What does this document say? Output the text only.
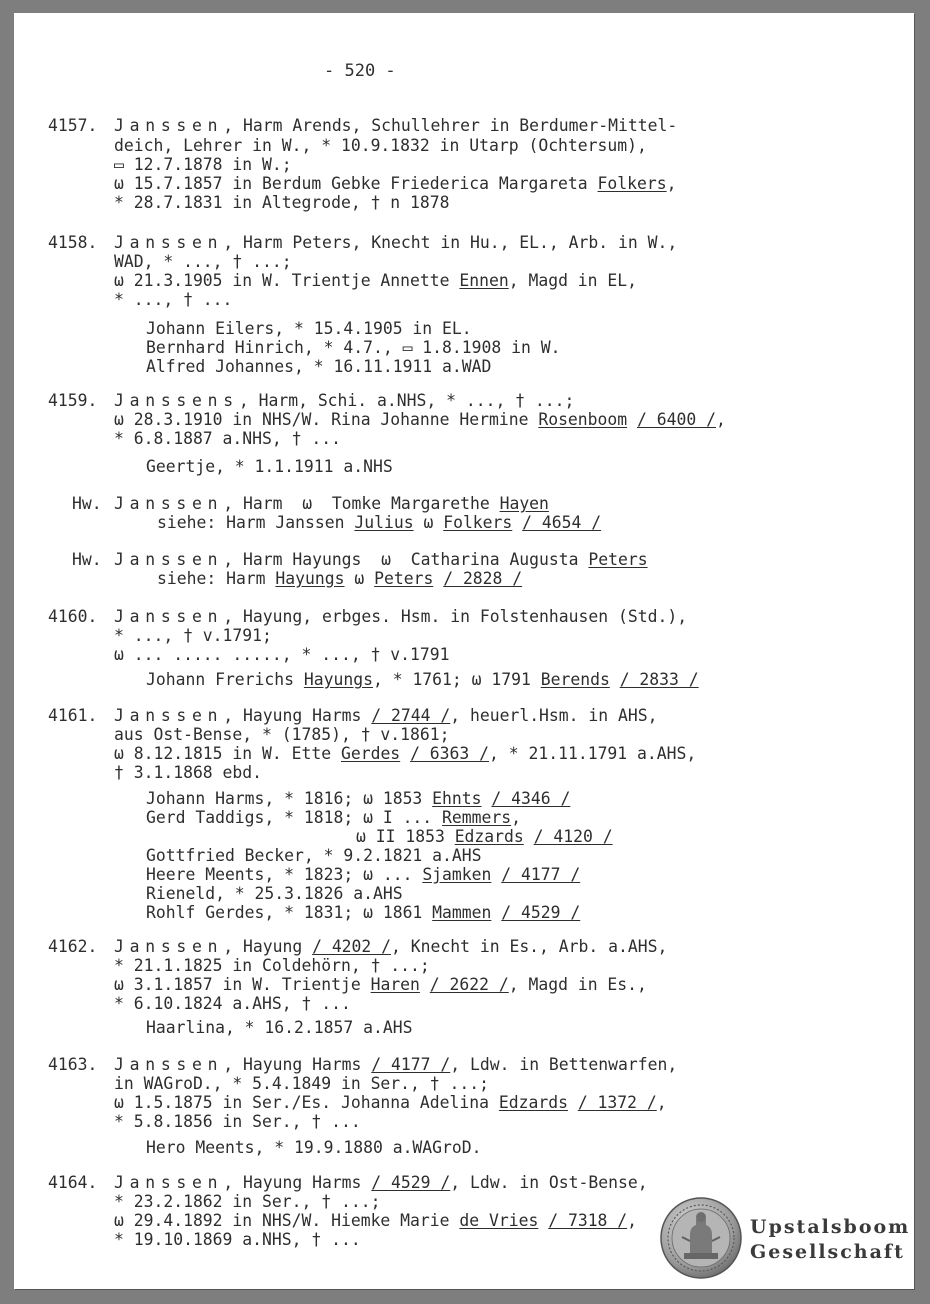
- 520 -
4157.	Janssen, Harm Arends, Schullehrer in Berdumer-Mittel-
deich, Lehrer in W., * 10.9.1832 in Utarp (Ochtersum),
▭ 12.7.1878 in W.;
ω 15.7.1857 in Berdum Gebke Friederica Margareta Folkers,
* 28.7.1831 in Altegrode, † n 1878
4158.	Janssen, Harm Peters, Knecht in Hu., EL., Arb. in W.,
WAD, * ..., † ...;
ω 21.3.1905 in W. Trientje Annette Ennen, Magd in EL,
* ..., † ...
Johann Eilers, * 15.4.1905 in EL.
Bernhard Hinrich, * 4.7., ▭ 1.8.1908 in W.
Alfred Johannes, * 16.11.1911 a.WAD
4159.	Janssens, Harm, Schi. a.NHS, * ..., † ...;
ω 28.3.1910 in NHS/W. Rina Johanne Hermine Rosenboom / 6400 /,
* 6.8.1887 a.NHS, † ...
Geertje, * 1.1.1911 a.NHS
Hw. Janssen, Harm  ω  Tomke Margarethe Hayen
siehe: Harm Janssen Julius ω Folkers / 4654 /
Hw. Janssen, Harm Hayungs  ω  Catharina Augusta Peters
siehe: Harm Hayungs ω Peters / 2828 /
4160.	Janssen, Hayung, erbges. Hsm. in Folstenhausen (Std.),
* ..., † v.1791;
ω ... ..... ....., * ..., † v.1791
Johann Frerichs Hayungs, * 1761; ω 1791 Berends / 2833 /
4161.	Janssen, Hayung Harms / 2744 /, heuerl.Hsm. in AHS,
aus Ost-Bense, * (1785), † v.1861;
ω 8.12.1815 in W. Ette Gerdes / 6363 /, * 21.11.1791 a.AHS,
† 3.1.1868 ebd.
Johann Harms, * 1816; ω 1853 Ehnts / 4346 /
Gerd Taddigs, * 1818; ω I ... Remmers,
ω II 1853 Edzards / 4120 /
Gottfried Becker, * 9.2.1821 a.AHS
Heere Meents, * 1823; ω ... Sjamken / 4177 /
Rieneld, * 25.3.1826 a.AHS
Rohlf Gerdes, * 1831; ω 1861 Mammen / 4529 /
4162.	Janssen, Hayung / 4202 /, Knecht in Es., Arb. a.AHS,
* 21.1.1825 in Coldehörn, † ...;
ω 3.1.1857 in W. Trientje Haren / 2622 /, Magd in Es.,
* 6.10.1824 a.AHS, † ...
Haarlina, * 16.2.1857 a.AHS
4163.	Janssen, Hayung Harms / 4177 /, Ldw. in Bettenwarfen,
in WAGroD., * 5.4.1849 in Ser., † ...;
ω 1.5.1875 in Ser./Es. Johanna Adelina Edzards / 1372 /,
* 5.8.1856 in Ser., † ...
Hero Meents, * 19.9.1880 a.WAGroD.
4164.	Janssen, Hayung Harms / 4529 /, Ldw. in Ost-Bense,
* 23.2.1862 in Ser., † ...;
ω 29.4.1892 in NHS/W. Hiemke Marie de Vries / 7318 /,
* 19.10.1869 a.NHS, † ...
Upstalsboom
Gesellschaft
